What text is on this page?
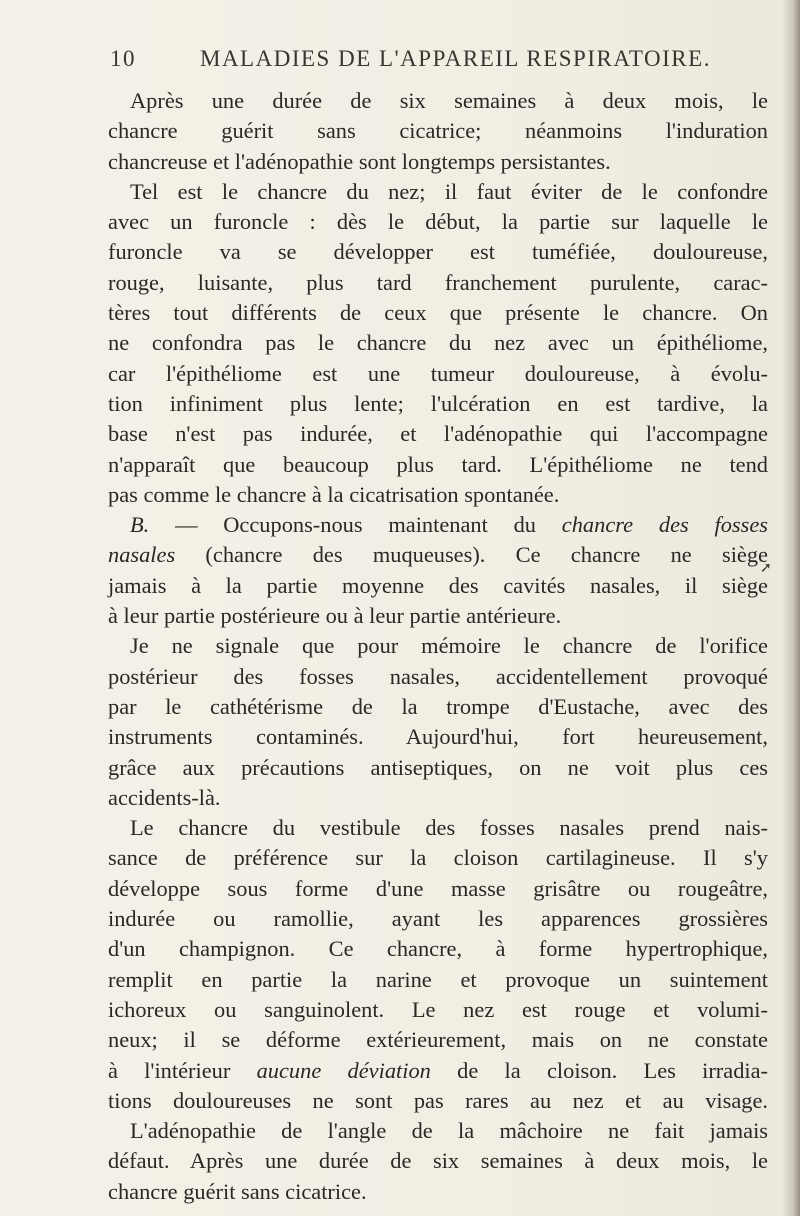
10	MALADIES DE L'APPAREIL RESPIRATOIRE.
Après une durée de six semaines à deux mois, le
chancre guérit sans cicatrice; néanmoins l'induration
chancreuse et l'adénopathie sont longtemps persistantes.
Tel est le chancre du nez; il faut éviter de le confondre
avec un furoncle : dès le début, la partie sur laquelle le
furoncle va se développer est tuméfiée, douloureuse,
rouge, luisante, plus tard franchement purulente, carac-
tères tout différents de ceux que présente le chancre. On
ne confondra pas le chancre du nez avec un épithéliome,
car l'épithéliome est une tumeur douloureuse, à évolu-
tion infiniment plus lente; l'ulcération en est tardive, la
base n'est pas indurée, et l'adénopathie qui l'accompagne
n'apparaît que beaucoup plus tard. L'épithéliome ne tend
pas comme le chancre à la cicatrisation spontanée.
B. — Occupons-nous maintenant du chancre des fosses
nasales (chancre des muqueuses). Ce chancre ne siège
jamais à la partie moyenne des cavités nasales, il siège
à leur partie postérieure ou à leur partie antérieure.
Je ne signale que pour mémoire le chancre de l'orifice
postérieur des fosses nasales, accidentellement provoqué
par le cathétérisme de la trompe d'Eustache, avec des
instruments contaminés. Aujourd'hui, fort heureusement,
grâce aux précautions antiseptiques, on ne voit plus ces
accidents-là.
Le chancre du vestibule des fosses nasales prend nais-
sance de préférence sur la cloison cartilagineuse. Il s'y
développe sous forme d'une masse grisâtre ou rougeâtre,
indurée ou ramollie, ayant les apparences grossières
d'un champignon. Ce chancre, à forme hypertrophique,
remplit en partie la narine et provoque un suintement
ichoreux ou sanguinolent. Le nez est rouge et volumi-
neux; il se déforme extérieurement, mais on ne constate
à l'intérieur aucune déviation de la cloison. Les irradia-
tions douloureuses ne sont pas rares au nez et au visage.
L'adénopathie de l'angle de la mâchoire ne fait jamais
défaut. Après une durée de six semaines à deux mois, le
chancre guérit sans cicatrice.
➚
